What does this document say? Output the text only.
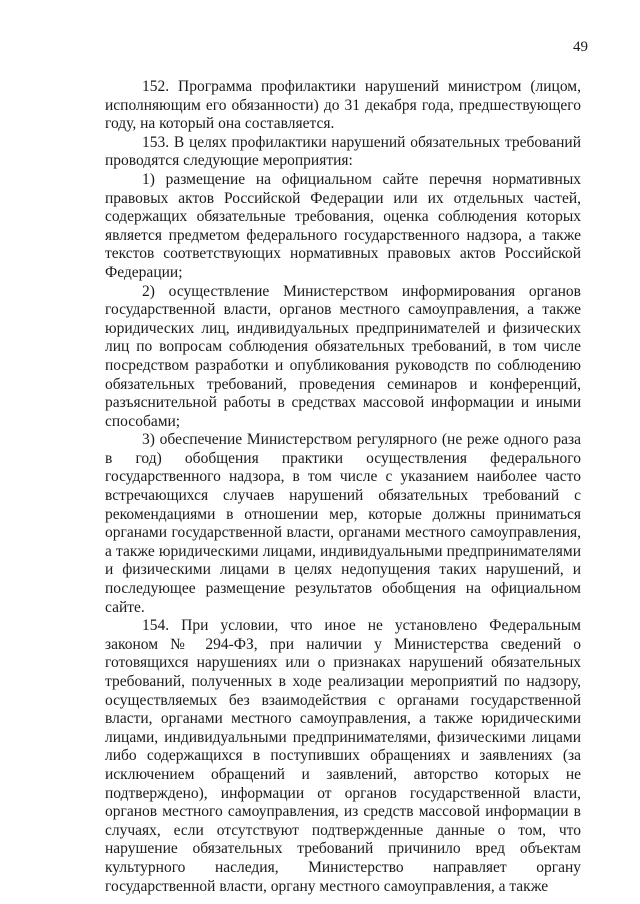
49

152. Программа профилактики нарушений министром (лицом, исполняющим его обязанности) до 31 декабря года, предшествующего году, на который она составляется.

153. В целях профилактики нарушений обязательных требований проводятся следующие мероприятия:

1) размещение на официальном сайте перечня нормативных правовых актов Российской Федерации или их отдельных частей, содержащих обязательные требования, оценка соблюдения которых является предметом федерального государственного надзора, а также текстов соответствующих нормативных правовых актов Российской Федерации;

2) осуществление Министерством информирования органов государственной власти, органов местного самоуправления, а также юридических лиц, индивидуальных предпринимателей и физических лиц по вопросам соблюдения обязательных требований, в том числе посредством разработки и опубликования руководств по соблюдению обязательных требований, проведения семинаров и конференций, разъяснительной работы в средствах массовой информации и иными способами;

3) обеспечение Министерством регулярного (не реже одного раза в год) обобщения практики осуществления федерального государственного надзора, в том числе с указанием наиболее часто встречающихся случаев нарушений обязательных требований с рекомендациями в отношении мер, которые должны приниматься органами государственной власти, органами местного самоуправления, а также юридическими лицами, индивидуальными предпринимателями и физическими лицами в целях недопущения таких нарушений, и последующее размещение результатов обобщения на официальном сайте.

154. При условии, что иное не установлено Федеральным законом № 294-ФЗ, при наличии у Министерства сведений о готовящихся нарушениях или о признаках нарушений обязательных требований, полученных в ходе реализации мероприятий по надзору, осуществляемых без взаимодействия с органами государственной власти, органами местного самоуправления, а также юридическими лицами, индивидуальными предпринимателями, физическими лицами либо содержащихся в поступивших обращениях и заявлениях (за исключением обращений и заявлений, авторство которых не подтверждено), информации от органов государственной власти, органов местного самоуправления, из средств массовой информации в случаях, если отсутствуют подтвержденные данные о том, что нарушение обязательных требований причинило вред объектам культурного наследия, Министерство направляет органу государственной власти, органу местного самоуправления, а также
